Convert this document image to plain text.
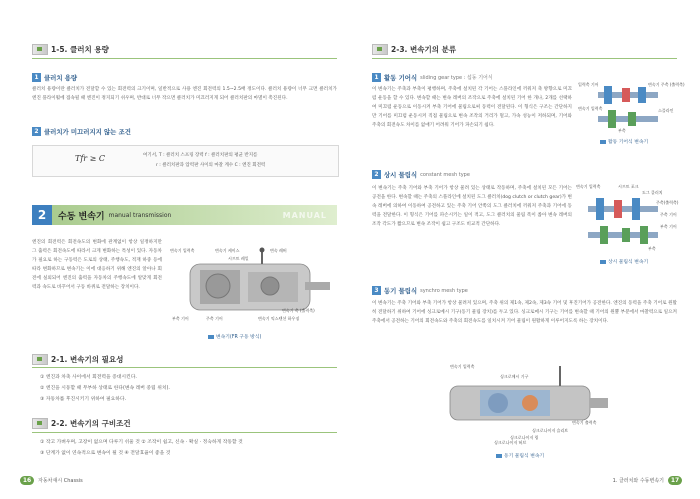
1-5. 클러치 용량
1 클러치 용량
클러치 용량이란 클러치가 전달할 수 있는 회전력의 크기이며, 일반적으로 사용 엔진 회전력의 1.5~2.5배 정도이다. 클러치 용량이 너무 크면 클러치가 엔진 플라이휠에 접속될 때 엔진이 정지되기 쉬우며, 반대로 너무 작으면 클러치가 미끄러지게 되어 클러치판의 마멸이 촉진된다.
2 클러치가 미끄러지지 않는 조건
Tfr ≥ C	여기서, T : 클러치 스프링 장력 f : 클러치판의 평균 반지름
r : 클러치판과 압력판 사이의 마찰 계수 C : 엔진 회전력
2	수동 변속기 manual transmission	MANUAL
엔진의 회전력은 회전속도의 변화에 관계없이 항상 일정하지만 그 출력은 회전속도에 따라서 크게 변화하는 특성이 있다. 자동차가 필요로 하는 구동력은 도로의 상태, 주행속도, 적재 하중 등에 따라 변화하므로 변속기는 이에 대응하기 위해 엔진의 알아나 회전에 실외되어 엔진의 출력을 자동차의 주행속도에 알맞게 회전력과 속도로 바꾸어서 구동 바퀴로 전달하는 장치이다.
변속기 입력축	변속기 케이스
시프트 레일
변속 레버
부축 기어	주축 기어
변속기 축 (출력축)
변속기 익스텐션 하우징
변속기(FR 구동 방식)
2-1. 변속기의 필요성
① 엔진과 차축 사이에서 회전력을 증대시킨다.
② 엔진을 시동할 때 무부하 상태로 한다(변속 레버 중립 위치).
③ 자동차를 후진시키기 위하여 필요하다.
2-2. 변속기의 구비조건
① 작고 가벼우며, 고장이 없으며 다루기 쉬울 것 ② 조작이 쉽고, 신속 · 확실 · 정숙하게 작동할 것
③ 단계가 없이 연속적으로 변속이 될 것 ④ 전달효율이 좋을 것
16	자동차섀시 Chassis
2-3. 변속기의 분류
1 활동 기어식 sliding gear type : 섭동 기어식
이 변속기는 주축과 부축이 평행하며, 주축에 설치된 각 기어는 스플라인에 끼워져 축 방향으로 미끄럼 운동을 할 수 있다. 변속할 때는 변속 레버의 조작으로 주축에 설치된 기어 한 개나, 2개를 선택하여 미끄럼 운동으로 이동시켜 부축 기어에 물림으로써 동력이 전달된다. 이 형식은 구조는 간단하지만 기어를 미끄럼 운동시켜 직접 물림으로 변속 조작의 거리가 멀고, 가속 성능이 저하되며, 기어와 주축의 회전속도 차이를 없애기 어려워 기어가 파손되기 쉽다.
입력축 기어
변속기 입력축
부축
변속기 주축 (출력축)
스플라인
활동 기어식 변속기
2 상시 물림식 constant mesh type
이 변속기는 주축 기어와 부축 기어가 항상 물려 있는 상태로 작동하며, 주축에 설치된 모든 기어는 공전을 한다. 변속할 때는 주축의 스플라인에 설치된 도그 클러치(dog clutch or clutch gear)가 변속 레버에 의하여 이동하여 공전하고 있는 주축 기어 안쪽의 도그 클러치에 끼워져 주축과 기어에 동력을 전달한다. 이 형식은 기어를 파손시키는 일이 적고, 도그 클러치의 물림 폭이 좁아 변속 레버의 조작 각도가 짧으므로 변속 조작이 쉽고 구조도 비교적 간단하다.
변속기 입력축	시프트 포크
도그 클러치
주축(출력축)
주축 기어
부축 기어
부축
상시 물림식 변속기
3 동기 물림식 synchro mesh type
이 변속기는 주축 기어와 부축 기어가 항상 물려져 있으며, 주축 위의 제1속, 제2속, 제3속 기어 및 후진기어가 공전한다. 엔진의 동력을 주축 기어로 원활히 전달하기 위하여 기어에 싱크로메시 기구(동기 물림 장치)를 두고 있다. 싱크로메시 기구는 기어를 변속할 때 기어의 원뿔 부분에서 마찰력으로 일으켜 주축에서 공전하는 기어의 회전속도와 주축의 회전속도를 일치시켜 기어 물림이 원활하게 이루어지도록 하는 장치이다.
변속기 입력축
싱크로메시 기구
변속기 출력축
싱크로나이저 슬리브
싱크로나이저 링
싱크로나이저 허브
동기 물림식 변속기
1. 클러치와 수동변속기	17
